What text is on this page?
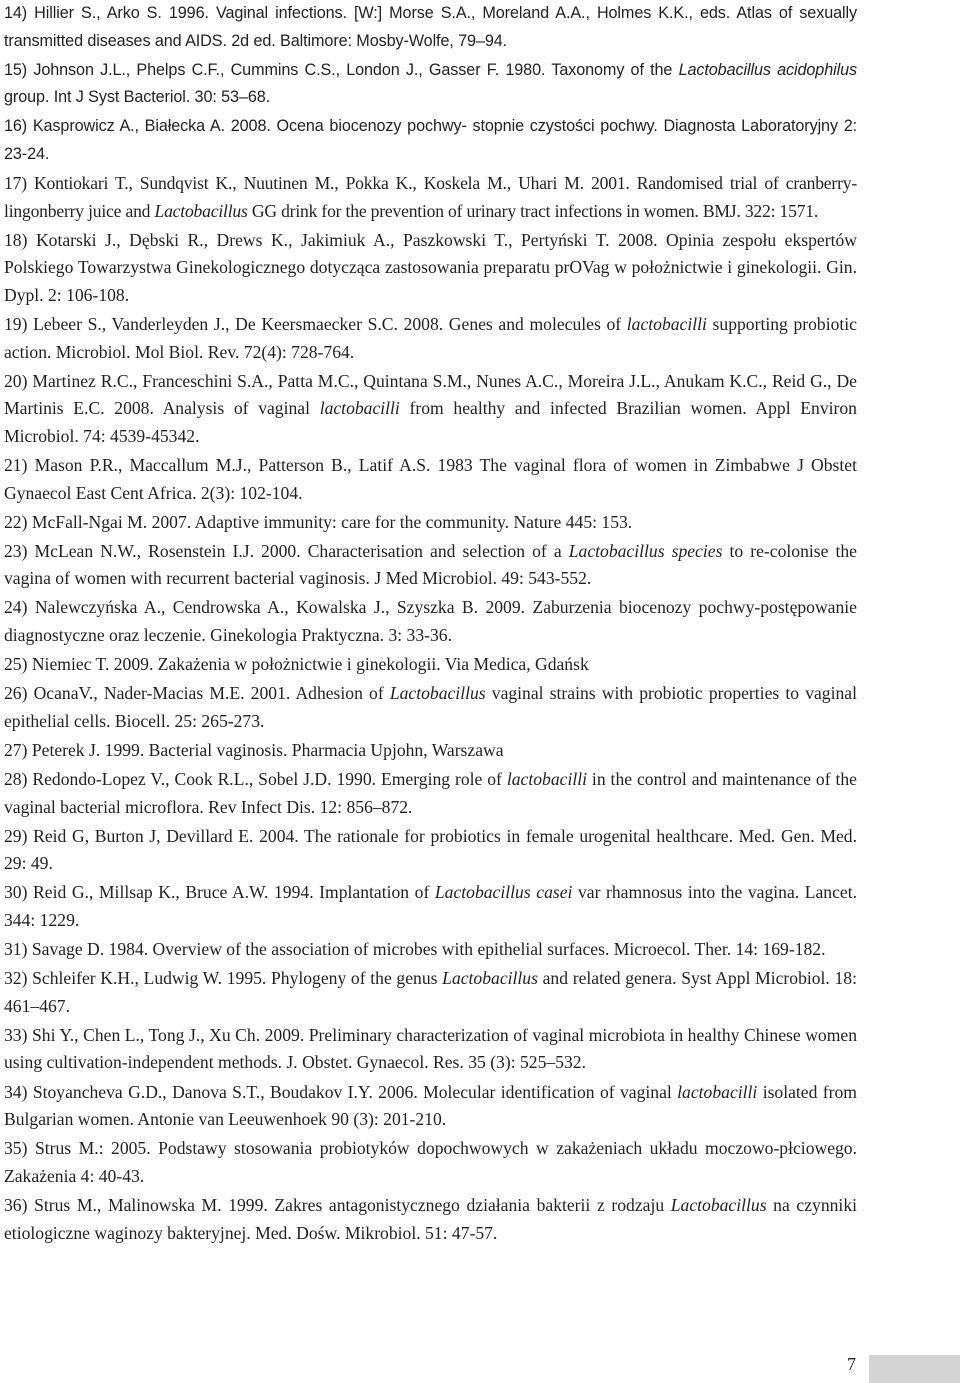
14) Hillier S., Arko S. 1996. Vaginal infections. [W:] Morse S.A., Moreland A.A., Holmes K.K., eds. Atlas of sexually transmitted diseases and AIDS. 2d ed. Baltimore: Mosby-Wolfe, 79–94.

15) Johnson J.L., Phelps C.F., Cummins C.S., London J., Gasser F. 1980. Taxonomy of the Lactobacillus acidophilus group. Int J Syst Bacteriol. 30: 53–68.

16) Kasprowicz A., Białecka A. 2008. Ocena biocenozy pochwy- stopnie czystości pochwy. Diagnosta Laboratoryjny 2: 23-24.

17) Kontiokari T., Sundqvist K., Nuutinen M., Pokka K., Koskela M., Uhari M. 2001. Randomised trial of cranberry-lingonberry juice and Lactobacillus GG drink for the prevention of urinary tract infections in women. BMJ. 322: 1571.

18) Kotarski J., Dębski R., Drews K., Jakimiuk A., Paszkowski T., Pertyński T. 2008. Opinia zespołu ekspertów Polskiego Towarzystwa Ginekologicznego dotycząca zastosowania preparatu prOVag w położnictwie i ginekologii. Gin. Dypl. 2: 106-108.

19) Lebeer S., Vanderleyden J., De Keersmaecker S.C. 2008. Genes and molecules of lactobacilli supporting probiotic action. Microbiol. Mol Biol. Rev. 72(4): 728-764.

20) Martinez R.C., Franceschini S.A., Patta M.C., Quintana S.M., Nunes A.C., Moreira J.L., Anukam K.C., Reid G., De Martinis E.C. 2008. Analysis of vaginal lactobacilli from healthy and infected Brazilian women. Appl Environ Microbiol. 74: 4539-45342.

21) Mason P.R., Maccallum M.J., Patterson B., Latif A.S. 1983 The vaginal flora of women in Zimbabwe J Obstet Gynaecol East Cent Africa. 2(3): 102-104.

22) McFall-Ngai M. 2007. Adaptive immunity: care for the community. Nature 445: 153.

23) McLean N.W., Rosenstein I.J. 2000. Characterisation and selection of a Lactobacillus species to re-colonise the vagina of women with recurrent bacterial vaginosis. J Med Microbiol. 49: 543-552.

24) Nalewczyńska A., Cendrowska A., Kowalska J., Szyszka B. 2009. Zaburzenia biocenozy pochwy-postępowanie diagnostyczne oraz leczenie. Ginekologia Praktyczna. 3: 33-36.

25) Niemiec T. 2009. Zakażenia w położnictwie i ginekologii. Via Medica, Gdańsk

26) OcanaV., Nader-Macias M.E. 2001. Adhesion of Lactobacillus vaginal strains with probiotic properties to vaginal epithelial cells. Biocell. 25: 265-273.

27) Peterek J. 1999. Bacterial vaginosis. Pharmacia Upjohn, Warszawa

28) Redondo-Lopez V., Cook R.L., Sobel J.D. 1990. Emerging role of lactobacilli in the control and maintenance of the vaginal bacterial microflora. Rev Infect Dis. 12: 856–872.

29) Reid G, Burton J, Devillard E. 2004. The rationale for probiotics in female urogenital healthcare. Med. Gen. Med. 29: 49.

30) Reid G., Millsap K., Bruce A.W. 1994. Implantation of Lactobacillus casei var rhamnosus into the vagina. Lancet. 344: 1229.

31) Savage D. 1984. Overview of the association of microbes with epithelial surfaces. Microecol. Ther. 14: 169-182.

32) Schleifer K.H., Ludwig W. 1995. Phylogeny of the genus Lactobacillus and related genera. Syst Appl Microbiol. 18: 461–467.

33) Shi Y., Chen L., Tong J., Xu Ch. 2009. Preliminary characterization of vaginal microbiota in healthy Chinese women using cultivation-independent methods. J. Obstet. Gynaecol. Res. 35 (3): 525–532.

34) Stoyancheva G.D., Danova S.T., Boudakov I.Y. 2006. Molecular identification of vaginal lactobacilli isolated from Bulgarian women. Antonie van Leeuwenhoek 90 (3): 201-210.

35) Strus M.: 2005. Podstawy stosowania probiotyków dopochwowych w zakażeniach układu moczowo-płciowego. Zakażenia 4: 40-43.

36) Strus M., Malinowska M. 1999. Zakres antagonistycznego działania bakterii z rodzaju Lactobacillus na czynniki etiologiczne waginozy bakteryjnej. Med. Dośw. Mikrobiol. 51: 47-57.

7
